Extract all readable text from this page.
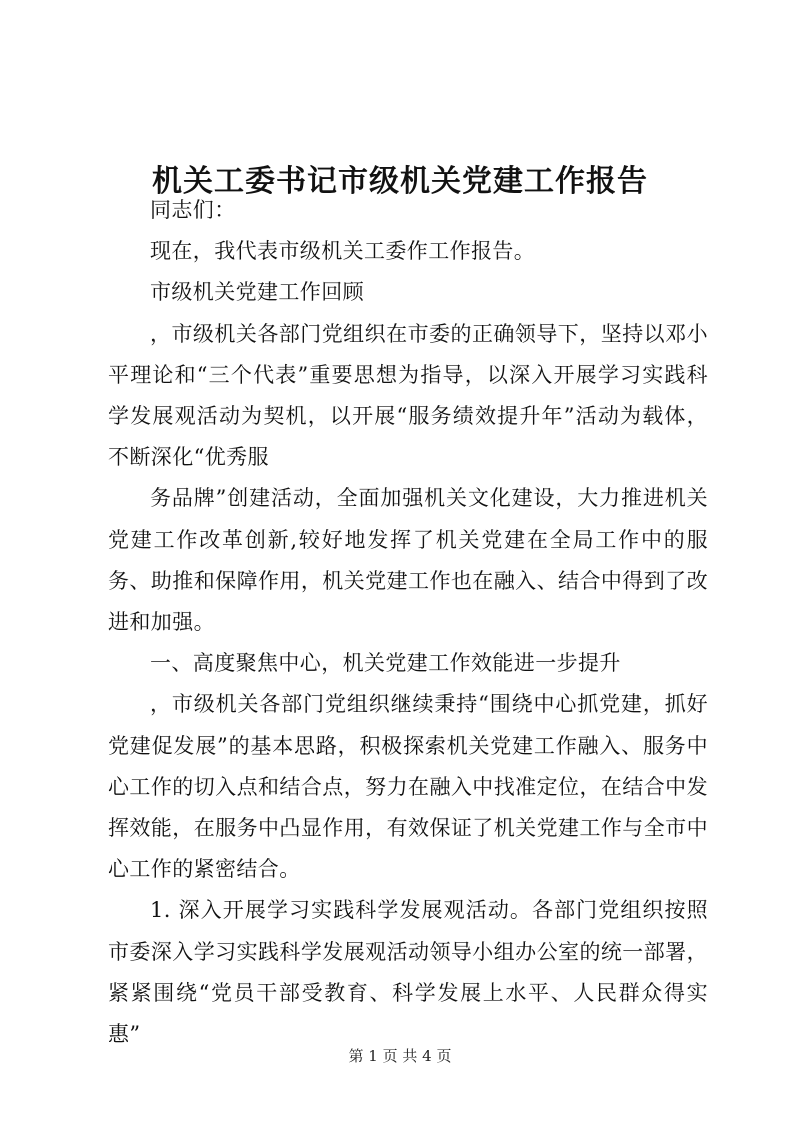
机关工委书记市级机关党建工作报告

同志们：

现在，我代表市级机关工委作工作报告。

市级机关党建工作回顾

，市级机关各部门党组织在市委的正确领导下，坚持以邓小平理论和“三个代表”重要思想为指导，以深入开展学习实践科学发展观活动为契机，以开展“服务绩效提升年”活动为载体，不断深化“优秀服

务品牌”创建活动，全面加强机关文化建设，大力推进机关党建工作改革创新,较好地发挥了机关党建在全局工作中的服务、助推和保障作用，机关党建工作也在融入、结合中得到了改进和加强。

一、高度聚焦中心，机关党建工作效能进一步提升

，市级机关各部门党组织继续秉持“围绕中心抓党建，抓好党建促发展”的基本思路，积极探索机关党建工作融入、服务中心工作的切入点和结合点，努力在融入中找准定位，在结合中发挥效能，在服务中凸显作用，有效保证了机关党建工作与全市中心工作的紧密结合。

1. 深入开展学习实践科学发展观活动。各部门党组织按照市委深入学习实践科学发展观活动领导小组办公室的统一部署，紧紧围绕“党员干部受教育、科学发展上水平、人民群众得实惠”

第 1 页 共 4 页
